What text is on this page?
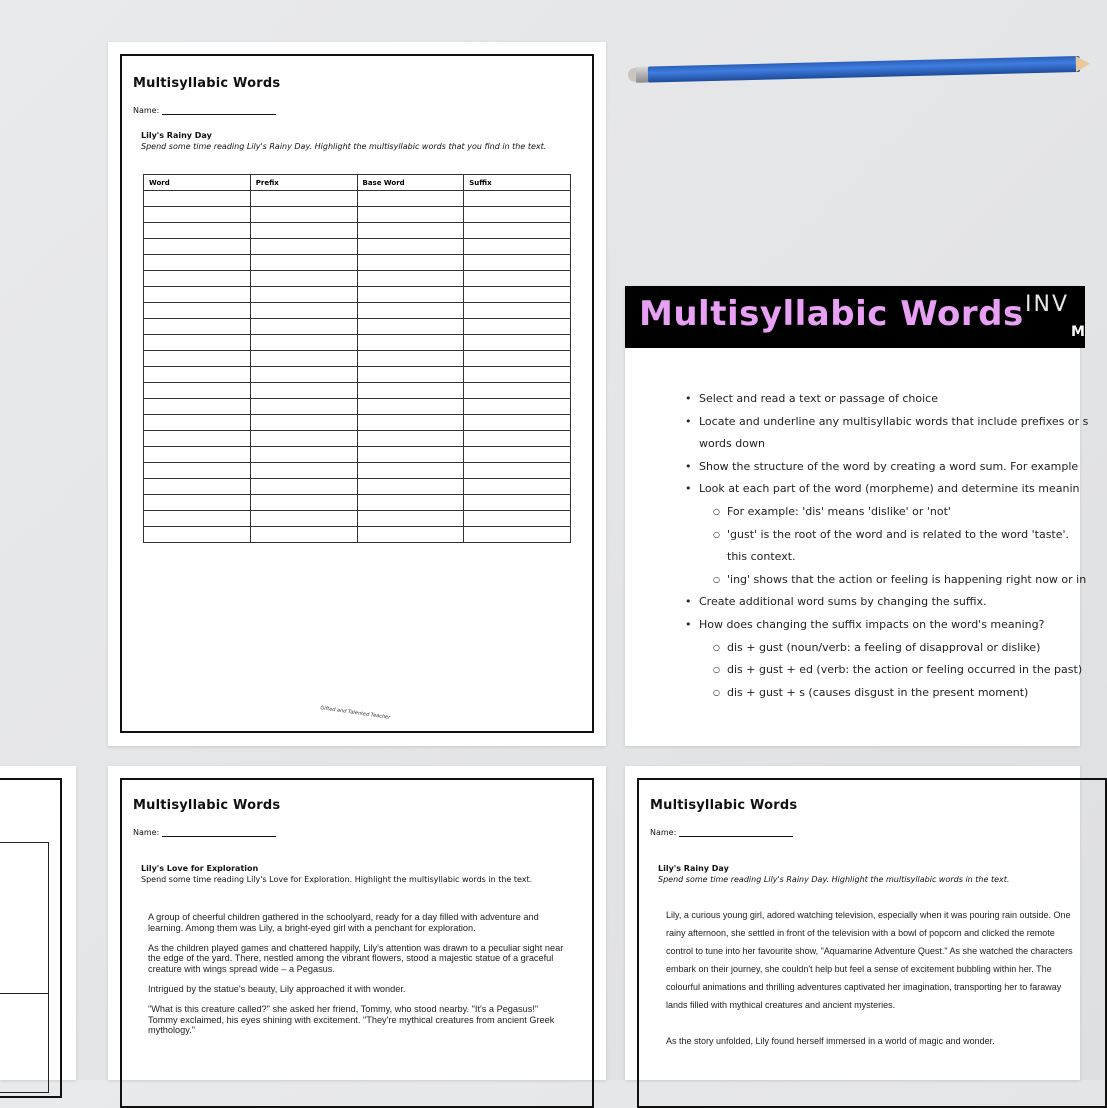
Multisyllabic Words
Name:
Lily's Rainy Day
Spend some time reading Lily's Rainy Day. Highlight the multisyllabic words that you find in the text.
Word	Prefix	Base Word	Suffix

Gifted and Talented Teacher
Multisyllabic Words INV
M
• Select and read a text or passage of choice
• Locate and underline any multisyllabic words that include prefixes or s
words down
• Show the structure of the word by creating a word sum. For example
• Look at each part of the word (morpheme) and determine its meanin
○ For example: 'dis' means 'dislike' or 'not'
○ 'gust' is the root of the word and is related to the word 'taste'.
this context.
○ 'ing' shows that the action or feeling is happening right now or in
• Create additional word sums by changing the suffix.
• How does changing the suffix impacts on the word's meaning?
○ dis + gust (noun/verb: a feeling of disapproval or dislike)
○ dis + gust + ed (verb: the action or feeling occurred in the past)
○ dis + gust + s (causes disgust in the present moment)
Multisyllabic Words
Name:
Lily's Love for Exploration
Spend some time reading Lily's Love for Exploration. Highlight the multisyllabic words in the text.

A group of cheerful children gathered in the schoolyard, ready for a day filled with adventure and learning. Among them was Lily, a bright-eyed girl with a penchant for exploration.

As the children played games and chattered happily, Lily's attention was drawn to a peculiar sight near the edge of the yard. There, nestled among the vibrant flowers, stood a majestic statue of a graceful creature with wings spread wide – a Pegasus.

Intrigued by the statue's beauty, Lily approached it with wonder.

"What is this creature called?" she asked her friend, Tommy, who stood nearby. "It's a Pegasus!" Tommy exclaimed, his eyes shining with excitement. "They're mythical creatures from ancient Greek mythology."

Multisyllabic Words
Name:
Lily's Rainy Day
Spend some time reading Lily's Rainy Day. Highlight the multisyllabic words in the text.

Lily, a curious young girl, adored watching television, especially when it was pouring rain outside. One rainy afternoon, she settled in front of the television with a bowl of popcorn and clicked the remote control to tune into her favourite show, "Aquamarine Adventure Quest." As she watched the characters embark on their journey, she couldn't help but feel a sense of excitement bubbling within her. The colourful animations and thrilling adventures captivated her imagination, transporting her to faraway lands filled with mythical creatures and ancient mysteries.

As the story unfolded, Lily found herself immersed in a world of magic and wonder.
